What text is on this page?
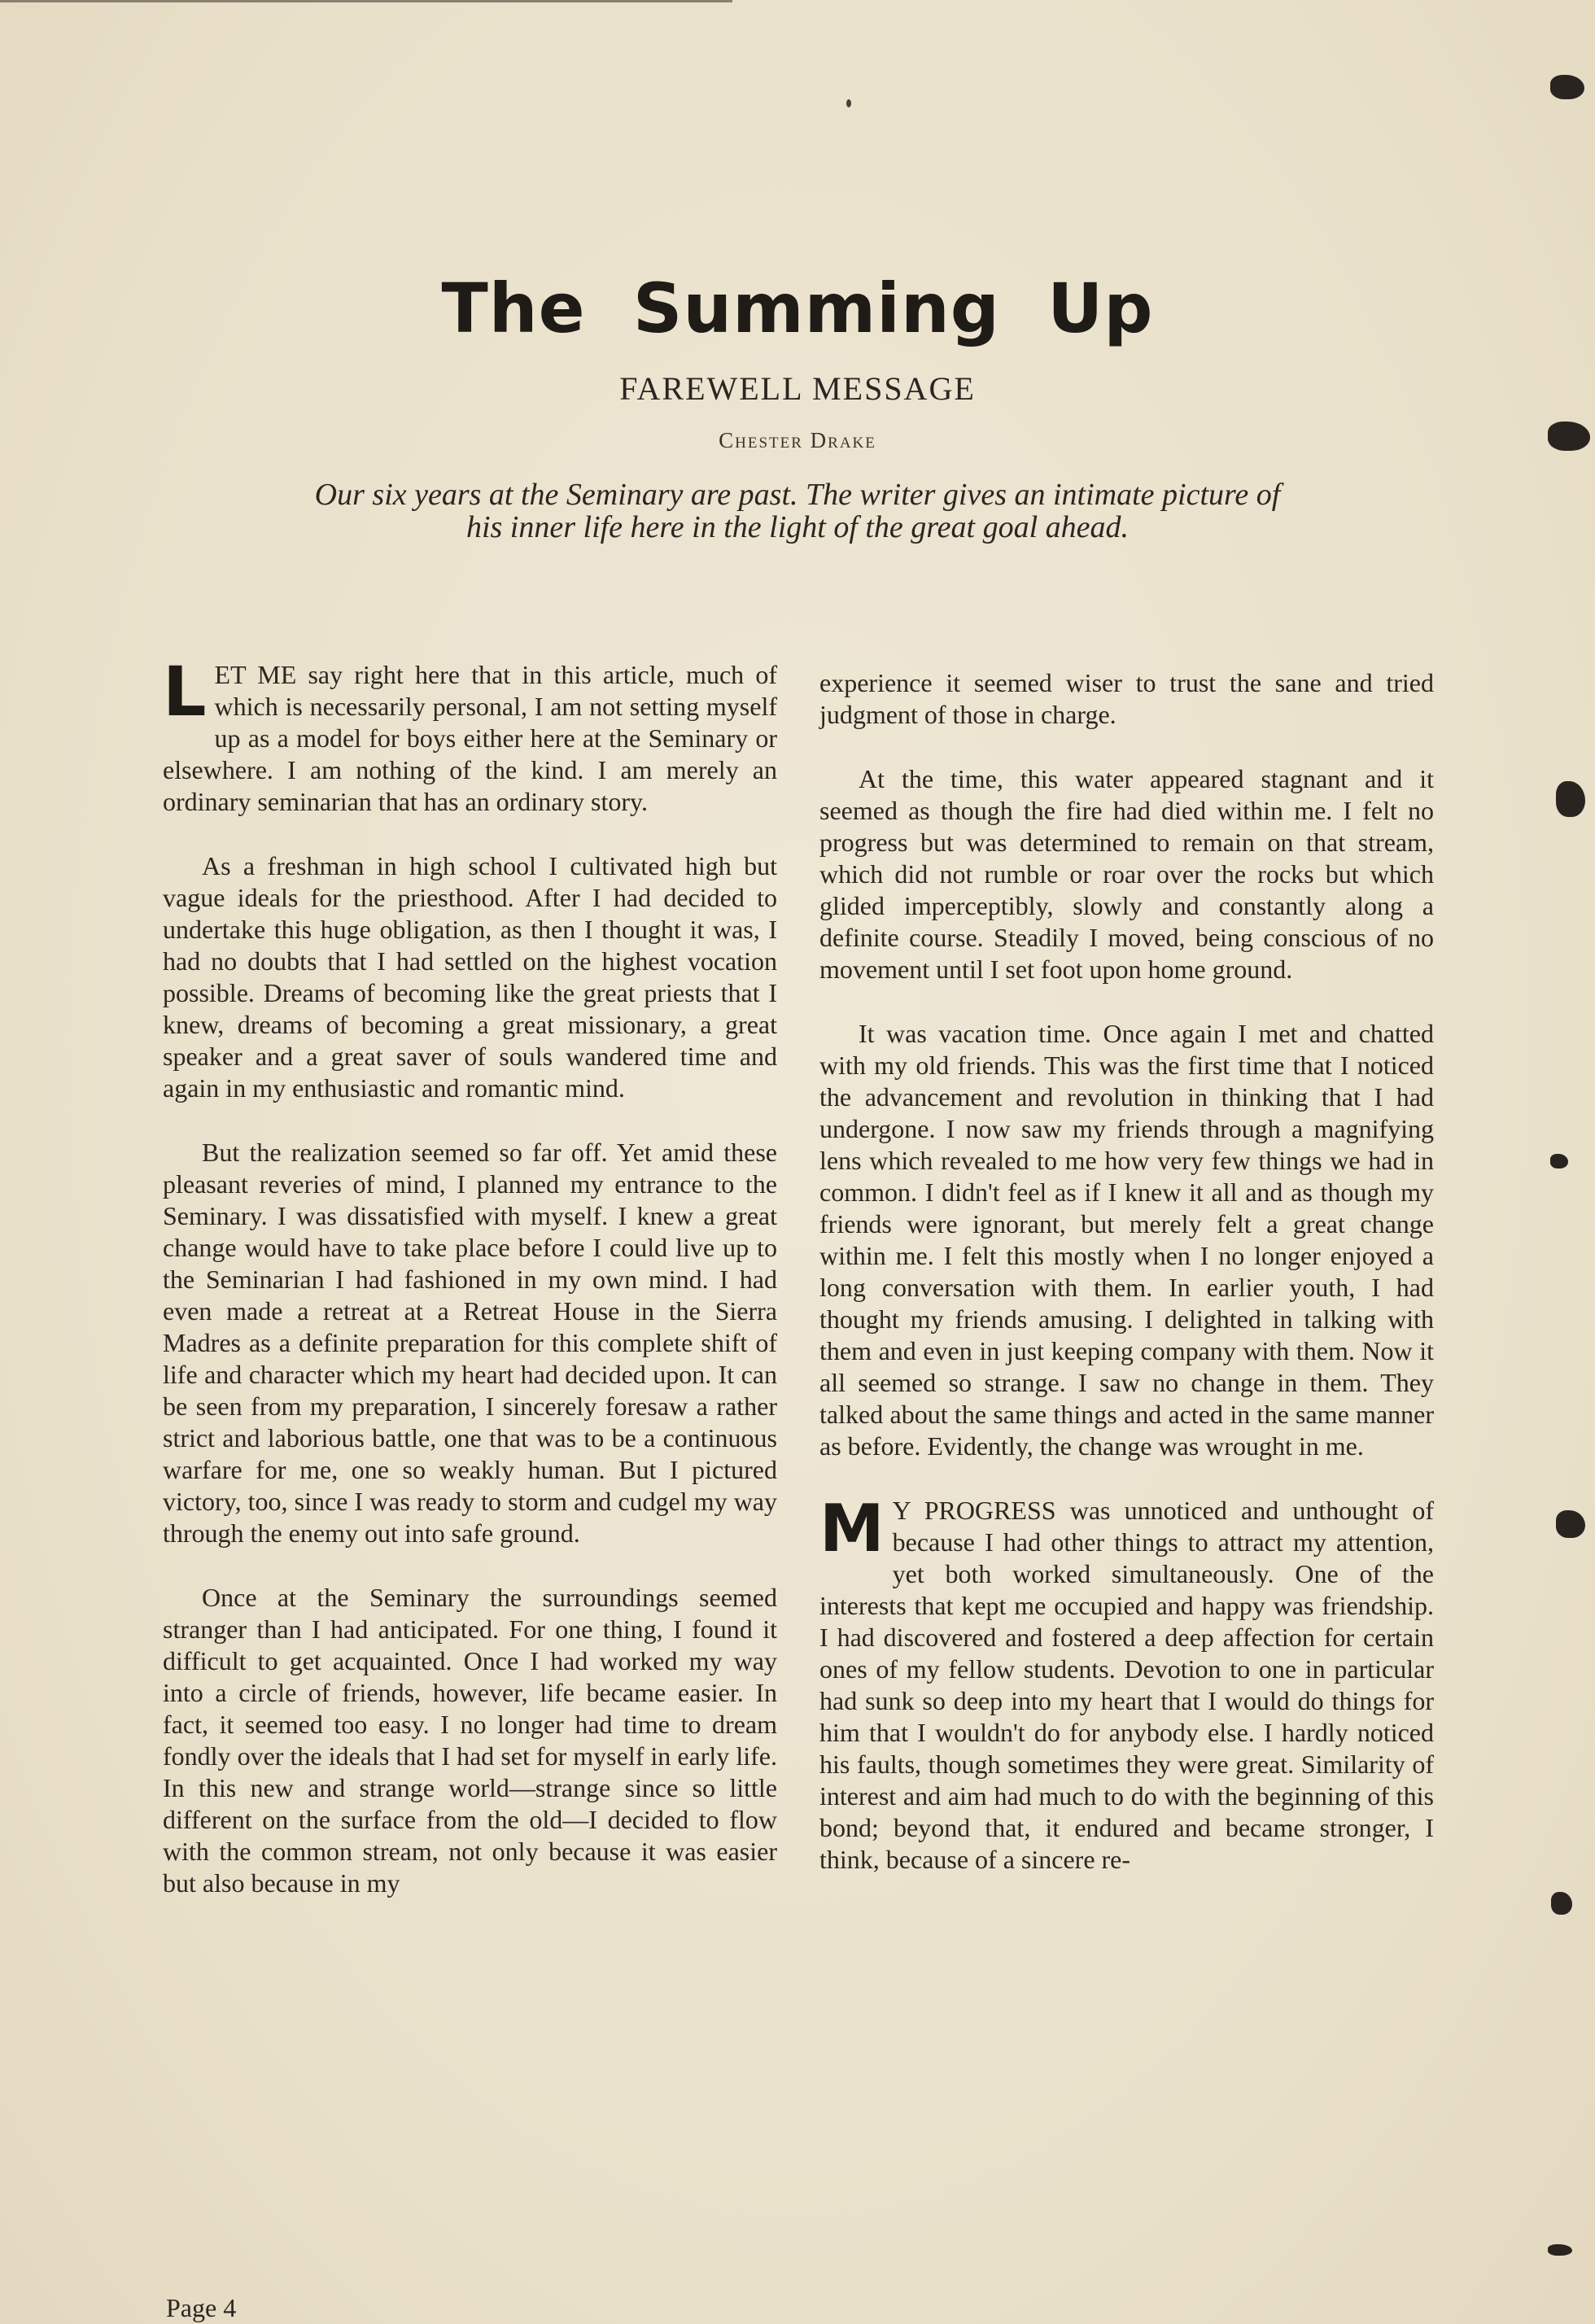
The Summing Up
FAREWELL MESSAGE
Chester Drake
Our six years at the Seminary are past. The writer gives an intimate picture of his inner life here in the light of the great goal ahead.

LET ME say right here that in this article, much of which is necessarily personal, I am not setting myself up as a model for boys either here at the Seminary or elsewhere. I am nothing of the kind. I am merely an ordinary seminarian that has an ordinary story.

As a freshman in high school I cultivated high but vague ideals for the priesthood. After I had decided to undertake this huge obligation, as then I thought it was, I had no doubts that I had settled on the highest vocation possible. Dreams of becoming like the great priests that I knew, dreams of becoming a great missionary, a great speaker and a great saver of souls wandered time and again in my enthusiastic and romantic mind.

But the realization seemed so far off. Yet amid these pleasant reveries of mind, I planned my entrance to the Seminary. I was dissatisfied with myself. I knew a great change would have to take place before I could live up to the Seminarian I had fashioned in my own mind. I had even made a retreat at a Retreat House in the Sierra Madres as a definite preparation for this complete shift of life and character which my heart had decided upon. It can be seen from my preparation, I sincerely foresaw a rather strict and laborious battle, one that was to be a continuous warfare for me, one so weakly human. But I pictured victory, too, since I was ready to storm and cudgel my way through the enemy out into safe ground.

Once at the Seminary the surroundings seemed stranger than I had anticipated. For one thing, I found it difficult to get acquainted. Once I had worked my way into a circle of friends, however, life became easier. In fact, it seemed too easy. I no longer had time to dream fondly over the ideals that I had set for myself in early life. In this new and strange world—strange since so little different on the surface from the old—I decided to flow with the common stream, not only because it was easier but also because in my

experience it seemed wiser to trust the sane and tried judgment of those in charge.

At the time, this water appeared stagnant and it seemed as though the fire had died within me. I felt no progress but was determined to remain on that stream, which did not rumble or roar over the rocks but which glided imperceptibly, slowly and constantly along a definite course. Steadily I moved, being conscious of no movement until I set foot upon home ground.

It was vacation time. Once again I met and chatted with my old friends. This was the first time that I noticed the advancement and revolution in thinking that I had undergone. I now saw my friends through a magnifying lens which revealed to me how very few things we had in common. I didn't feel as if I knew it all and as though my friends were ignorant, but merely felt a great change within me. I felt this mostly when I no longer enjoyed a long conversation with them. In earlier youth, I had thought my friends amusing. I delighted in talking with them and even in just keeping company with them. Now it all seemed so strange. I saw no change in them. They talked about the same things and acted in the same manner as before. Evidently, the change was wrought in me.

M Y PROGRESS was unnoticed and unthought of because I had other things to attract my attention, yet both worked simultaneously. One of the interests that kept me occupied and happy was friendship. I had discovered and fostered a deep affection for certain ones of my fellow students. Devotion to one in particular had sunk so deep into my heart that I would do things for him that I wouldn't do for anybody else. I hardly noticed his faults, though sometimes they were great. Similarity of interest and aim had much to do with the beginning of this bond; beyond that, it endured and became stronger, I think, because of a sincere re-

Page 4
